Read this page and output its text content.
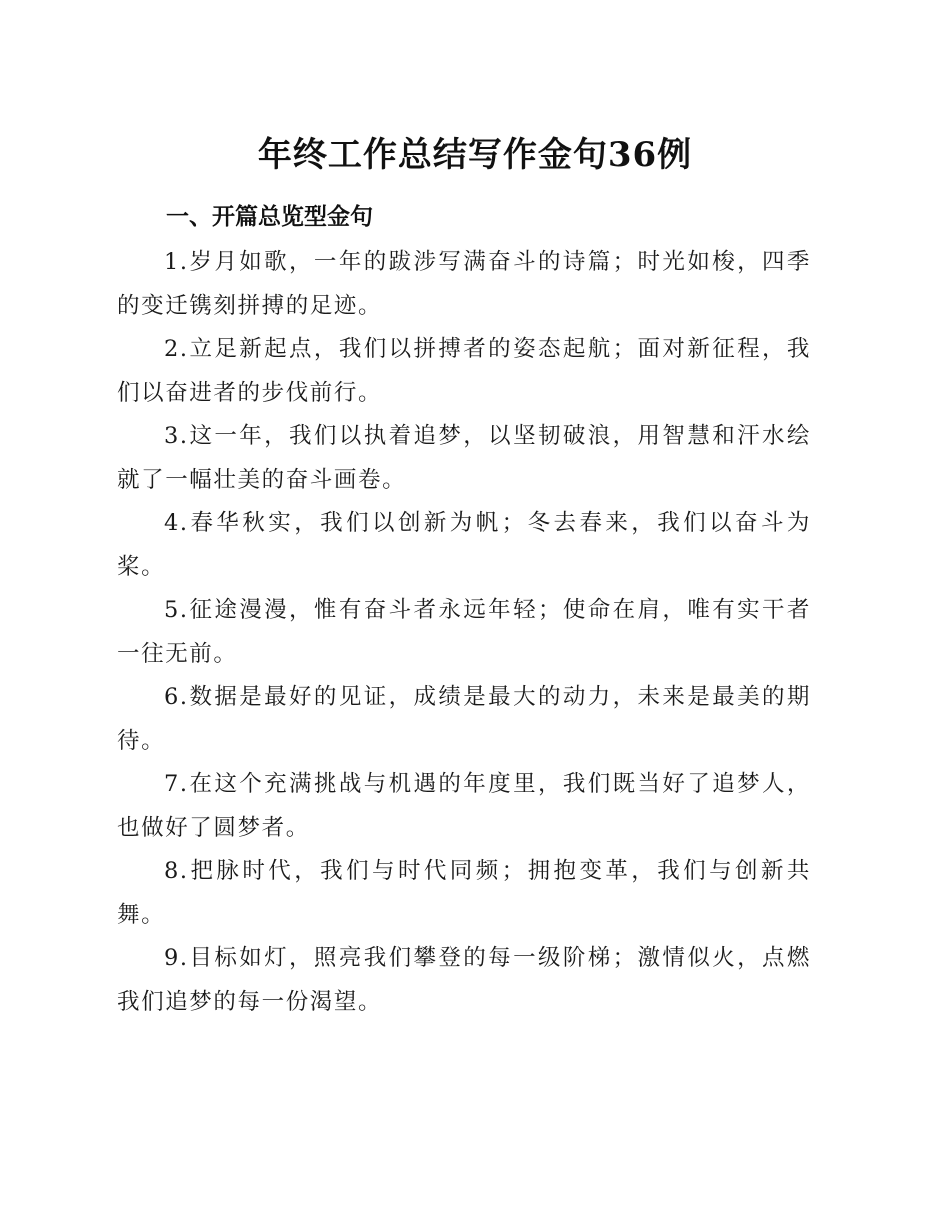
年终工作总结写作金句36例
一、开篇总览型金句

1.岁月如歌，一年的跋涉写满奋斗的诗篇；时光如梭，四季的变迁镌刻拼搏的足迹。

2.立足新起点，我们以拼搏者的姿态起航；面对新征程，我们以奋进者的步伐前行。

3.这一年，我们以执着追梦，以坚韧破浪，用智慧和汗水绘就了一幅壮美的奋斗画卷。

4.春华秋实，我们以创新为帆；冬去春来，我们以奋斗为桨。

5.征途漫漫，惟有奋斗者永远年轻；使命在肩，唯有实干者一往无前。

6.数据是最好的见证，成绩是最大的动力，未来是最美的期待。

7.在这个充满挑战与机遇的年度里，我们既当好了追梦人，也做好了圆梦者。

8.把脉时代，我们与时代同频；拥抱变革，我们与创新共舞。

9.目标如灯，照亮我们攀登的每一级阶梯；激情似火，点燃我们追梦的每一份渴望。
